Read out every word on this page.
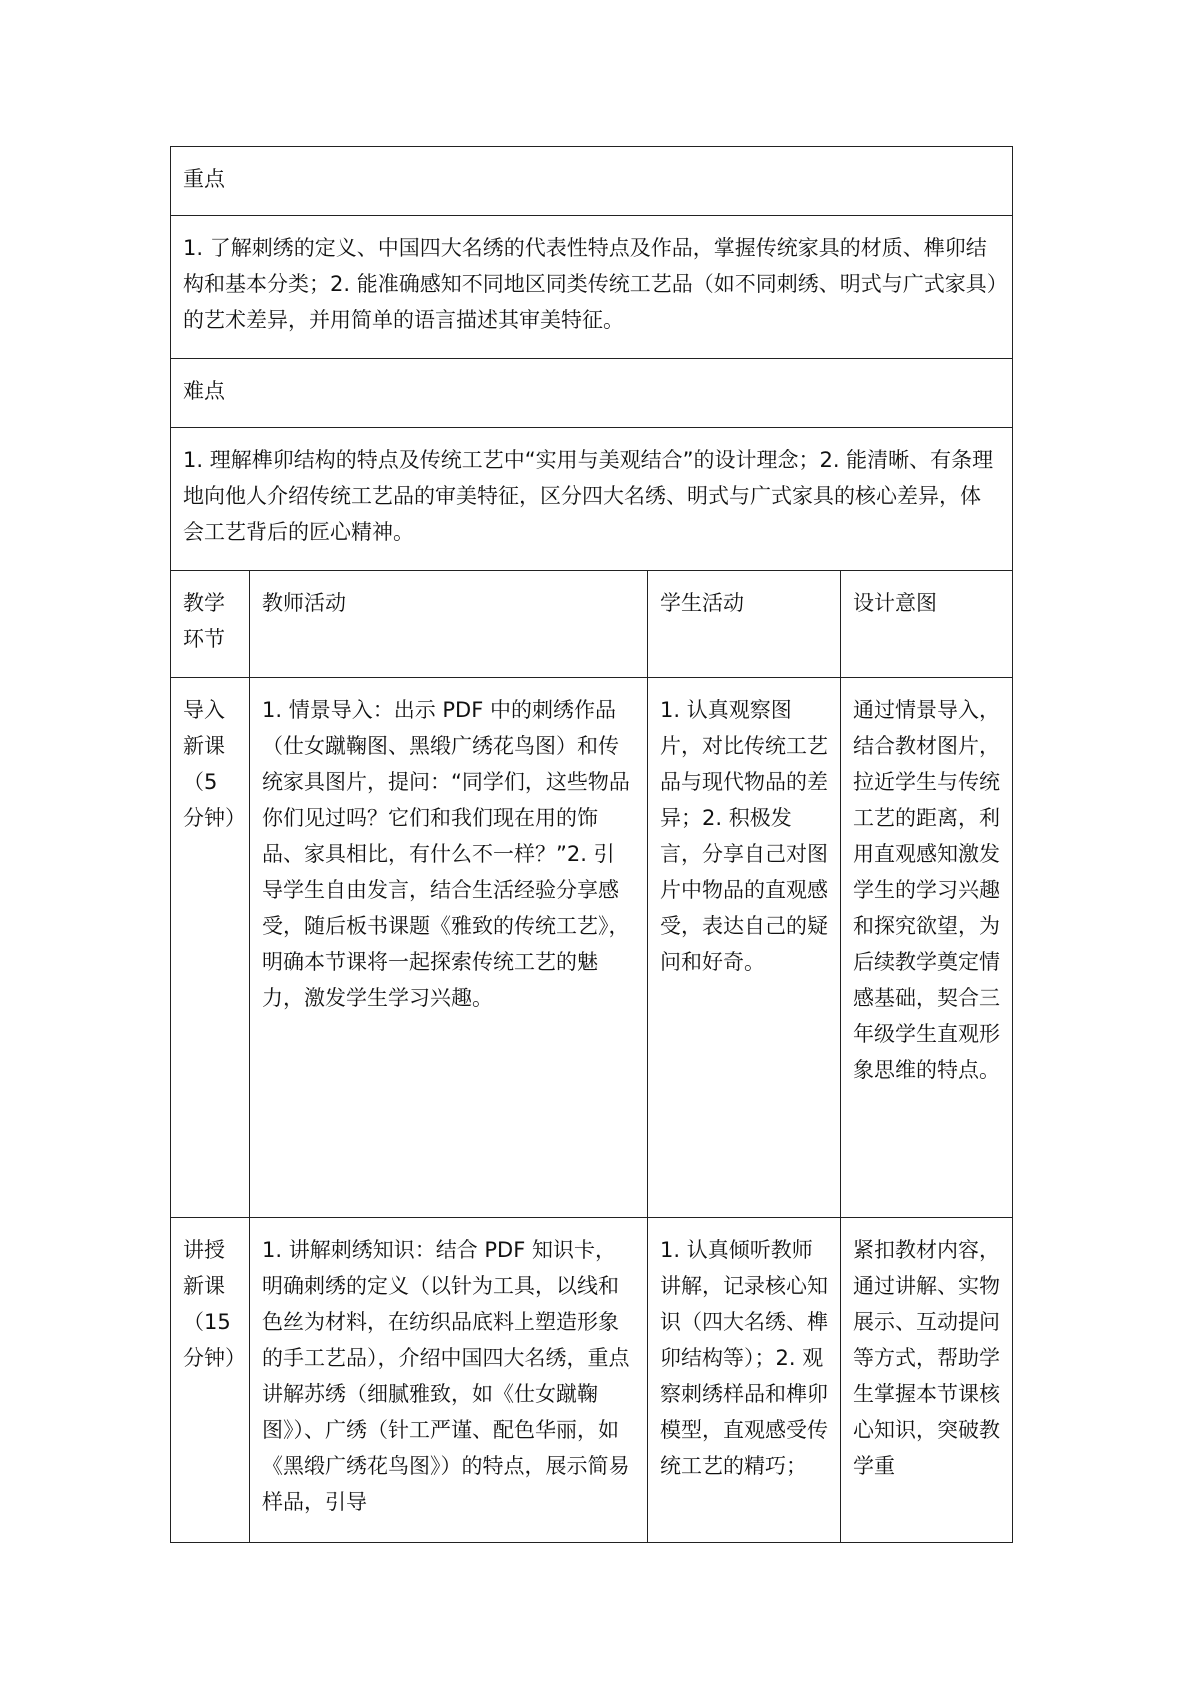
重点			
1. 了解刺绣的定义、中国四大名绣的代表性特点及作品，掌握传统家具的材质、榫卯结构和基本分类；2. 能准确感知不同地区同类传统工艺品（如不同刺绣、明式与广式家具）的艺术差异，并用简单的语言描述其审美特征。			
难点			
1. 理解榫卯结构的特点及传统工艺中“实用与美观结合”的设计理念；2. 能清晰、有条理地向他人介绍传统工艺品的审美特征，区分四大名绣、明式与广式家具的核心差异，体会工艺背后的匠心精神。			
教学环节	教师活动	学生活动	设计意图
导入新课（5分钟）	1. 情景导入：出示 PDF 中的刺绣作品（仕女蹴鞠图、黑缎广绣花鸟图）和传统家具图片，提问：“同学们，这些物品你们见过吗？它们和我们现在用的饰品、家具相比，有什么不一样？”2. 引导学生自由发言，结合生活经验分享感受，随后板书课题《雅致的传统工艺》，明确本节课将一起探索传统工艺的魅力，激发学生学习兴趣。	1. 认真观察图片，对比传统工艺品与现代物品的差异；2. 积极发言，分享自己对图片中物品的直观感受，表达自己的疑问和好奇。	通过情景导入，结合教材图片，拉近学生与传统工艺的距离，利用直观感知激发学生的学习兴趣和探究欲望，为后续教学奠定情感基础，契合三年级学生直观形象思维的特点。
讲授新课（15分钟）	1. 讲解刺绣知识：结合 PDF 知识卡，明确刺绣的定义（以针为工具，以线和色丝为材料，在纺织品底料上塑造形象的手工艺品），介绍中国四大名绣，重点讲解苏绣（细腻雅致，如《仕女蹴鞠图》）、广绣（针工严谨、配色华丽，如《黑缎广绣花鸟图》）的特点，展示简易样品，引导	1. 认真倾听教师讲解，记录核心知识（四大名绣、榫卯结构等）；2. 观察刺绣样品和榫卯模型，直观感受传统工艺的精巧；	紧扣教材内容，通过讲解、实物展示、互动提问等方式，帮助学生掌握本节课核心知识，突破教学重
